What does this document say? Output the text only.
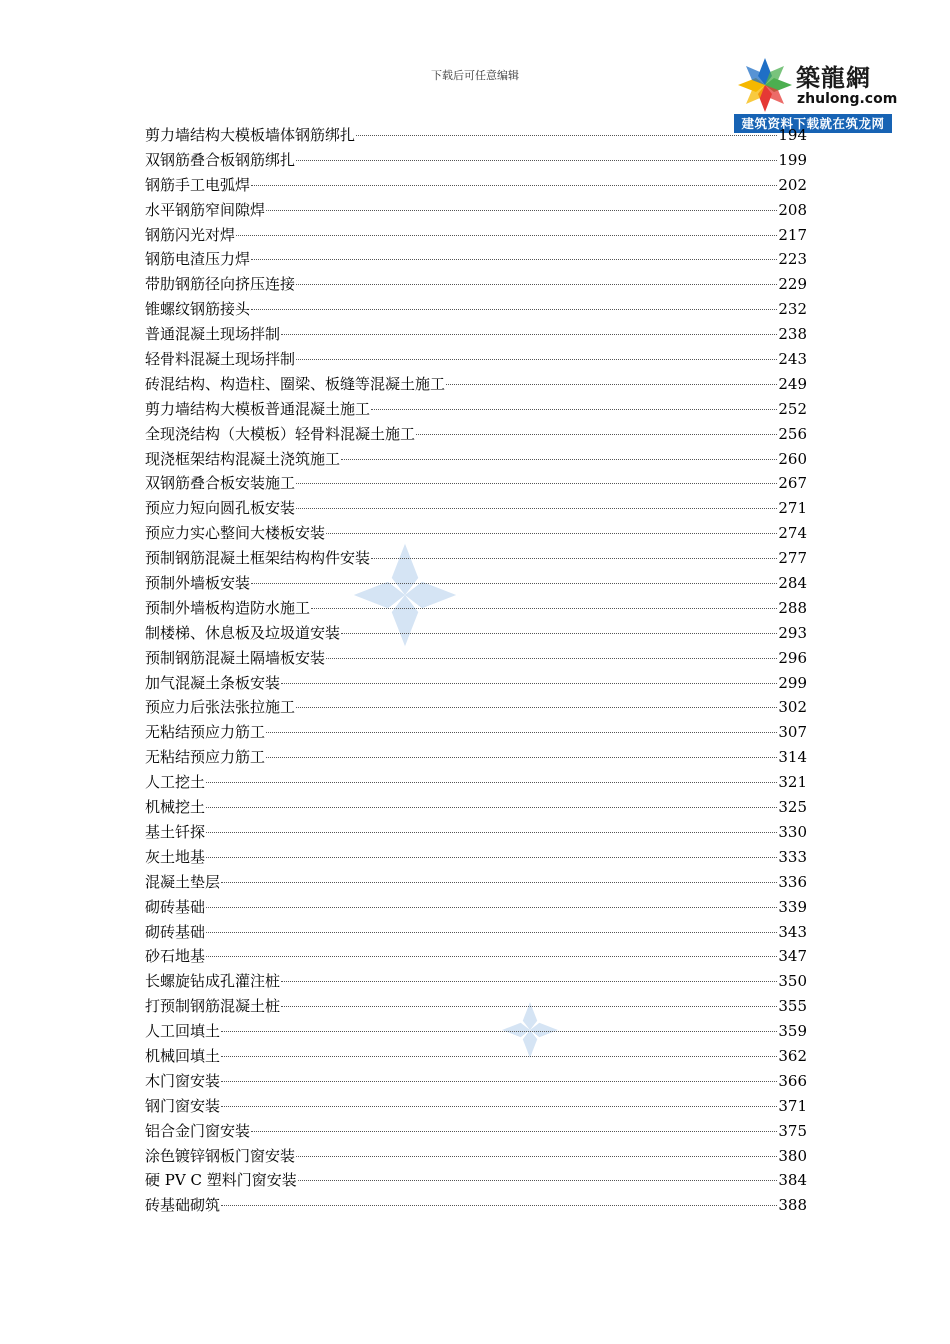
下载后可任意编辑	築龍網
zhulong.com
建筑资料下载就在筑龙网
剪力墙结构大模板墙体钢筋绑扎	194
双钢筋叠合板钢筋绑扎	199
钢筋手工电弧焊	202
水平钢筋窄间隙焊	208
钢筋闪光对焊	217
钢筋电渣压力焊	223
带肋钢筋径向挤压连接	229
锥螺纹钢筋接头	232
普通混凝土现场拌制	238
轻骨料混凝土现场拌制	243
砖混结构、构造柱、圈梁、板缝等混凝土施工	249
剪力墙结构大模板普通混凝土施工	252
全现浇结构（大模板）轻骨料混凝土施工	256
现浇框架结构混凝土浇筑施工	260
双钢筋叠合板安装施工	267
预应力短向圆孔板安装	271
预应力实心整间大楼板安装	274
预制钢筋混凝土框架结构构件安装	277
预制外墙板安装	284
预制外墙板构造防水施工	288
制楼梯、休息板及垃圾道安装	293
预制钢筋混凝土隔墙板安装	296
加气混凝土条板安装	299
预应力后张法张拉施工	302
无粘结预应力筋工	307
无粘结预应力筋工	314
人工挖土	321
机械挖土	325
基土钎探	330
灰土地基	333
混凝土垫层	336
砌砖基础	339
砌砖基础	343
砂石地基	347
长螺旋钻成孔灌注桩	350
打预制钢筋混凝土桩	355
人工回填土	359
机械回填土	362
木门窗安装	366
钢门窗安装	371
铝合金门窗安装	375
涂色镀锌钢板门窗安装	380
硬 PV C 塑料门窗安装	384
砖基础砌筑	388
